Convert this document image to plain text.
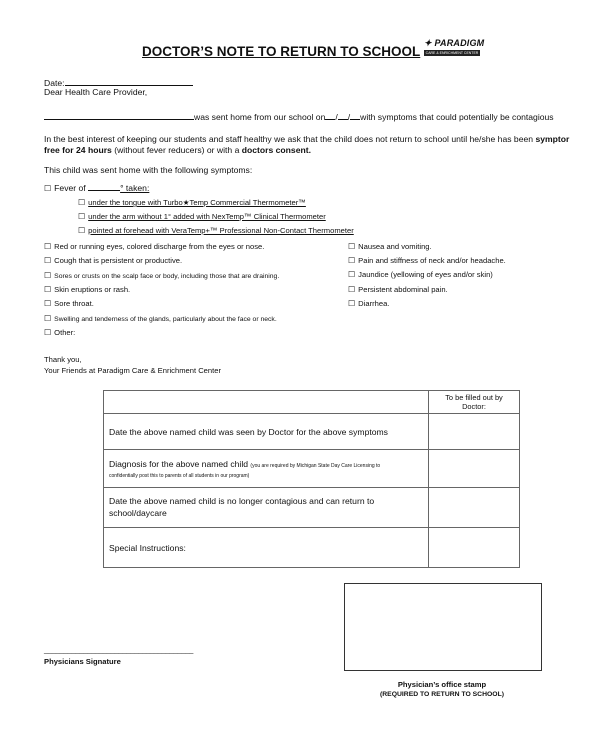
DOCTOR’S NOTE TO RETURN TO SCHOOL
✦ PARADIGM
CARE & ENRICHMENT CENTER
Date:
Dear Health Care Provider,
was sent home from our school on / / with symptoms that could potentially be contagious
In the best interest of keeping our students and staff healthy we ask that the child does not return to school until he/she has been symptor
free for 24 hours (without fever reducers) or with a doctors consent.
This child was sent home with the following symptoms:
☐ Fever of	° taken:
☐ under the tongue with Turbo★Temp Commercial Thermometer™
☐ under the arm without 1° added with NexTemp™ Clinical Thermometer
☐ pointed at forehead with VeraTemp+™ Professional Non-Contact Thermometer
☐ Red or running eyes, colored discharge from the eyes or nose.
☐ Cough that is persistent or productive.
☐ Sores or crusts on the scalp face or body, including those that are draining.
☐ Skin eruptions or rash.
☐ Sore throat.
☐ Swelling and tenderness of the glands, particularly about the face or neck.
☐ Other:
☐ Nausea and vomiting.
☐ Pain and stiffness of neck and/or headache.
☐ Jaundice (yellowing of eyes and/or skin)
☐ Persistent abdominal pain.
☐ Diarrhea.
Thank you,
Your Friends at Paradigm Care & Enrichment Center
	To be filled out by Doctor:
Date the above named child was seen by Doctor for the above symptoms	
Diagnosis for the above named child (you are required by Michigan State Day Care Licensing to
confidentially post this to parents of all students in our program)	
Date the above named child is no longer contagious and can return to school/daycare	
Special Instructions:	
______________________________________
Physicians Signature
Physician’s office stamp
(REQUIRED TO RETURN TO SCHOOL)
